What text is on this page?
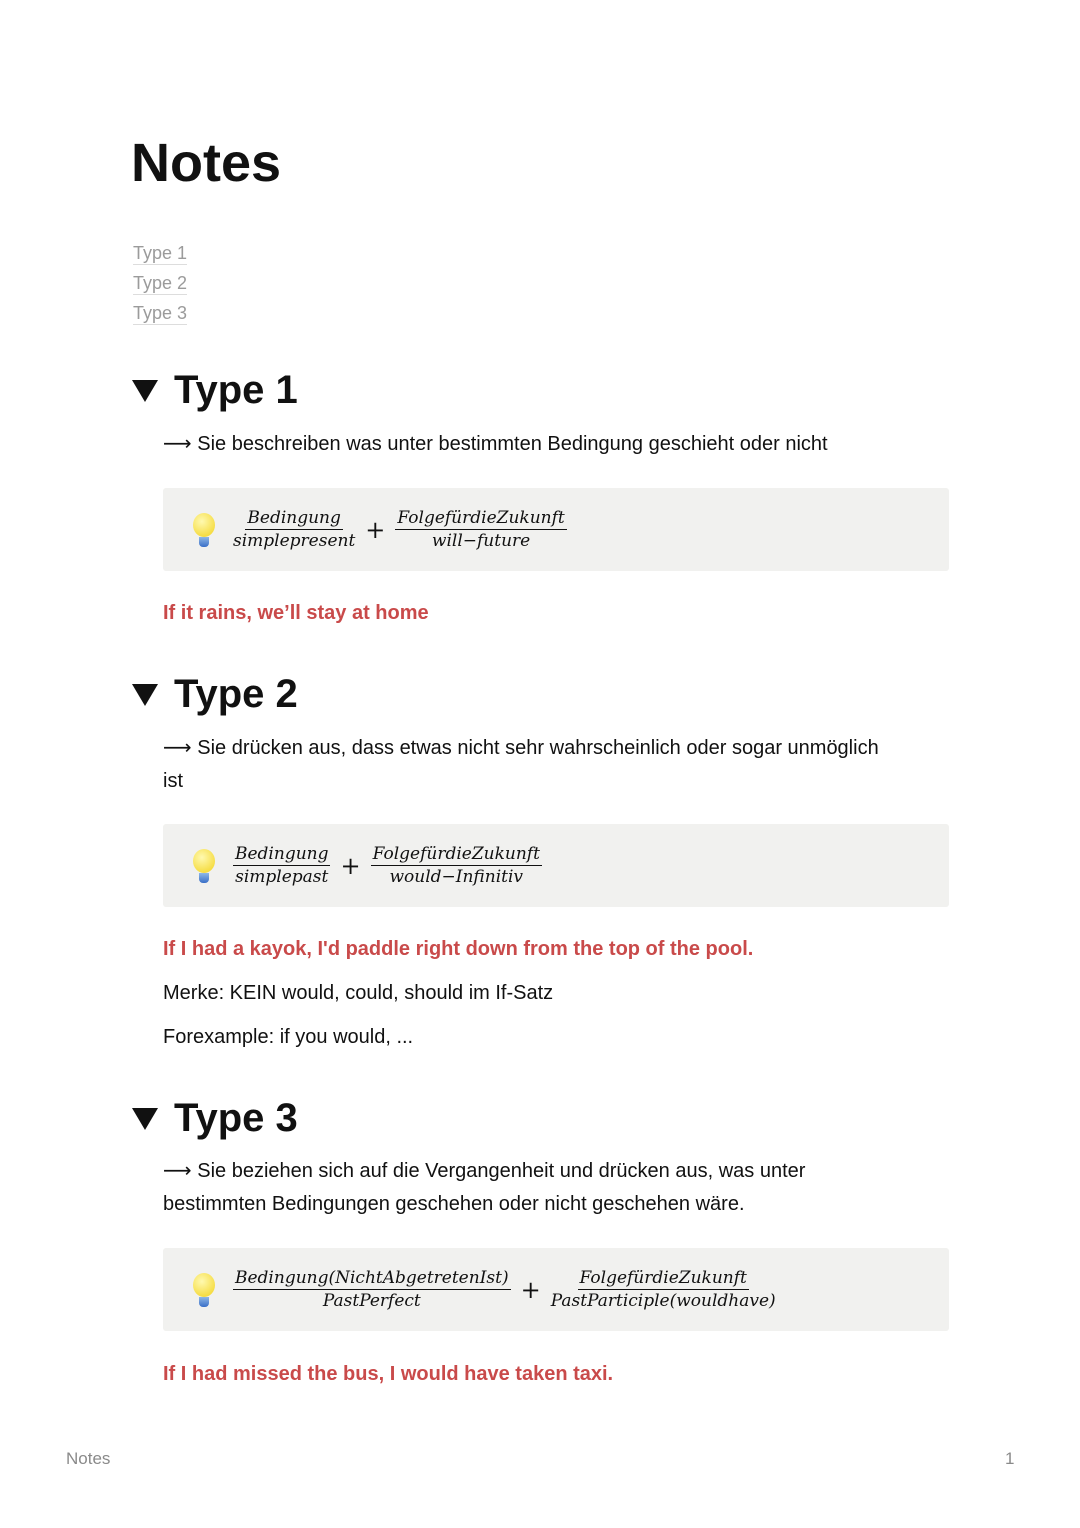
Notes
Type 1
Type 2
Type 3
Type 1
⟶ Sie beschreiben was unter bestimmten Bedingung geschieht oder nicht
$\frac{\text{Bedingung}}{\text{simplepresent}} + \frac{\text{FolgefürdieZukunft}}{\text{will−future}}$
If it rains, we’ll stay at home
Type 2
⟶ Sie drücken aus, dass etwas nicht sehr wahrscheinlich oder sogar unmöglich ist
$\frac{\text{Bedingung}}{\text{simplepast}} + \frac{\text{FolgefürdieZukunft}}{\text{would−Infinitiv}}$
If I had a kayok, I'd paddle right down from the top of the pool.
Merke: KEIN would, could, should im If-Satz
Forexample: if you would, ...
Type 3
⟶ Sie beziehen sich auf die Vergangenheit und drücken aus, was unter bestimmten Bedingungen geschehen oder nicht geschehen wäre.
$\frac{\text{Bedingung(NichtAbgetretenIst)}}{\text{PastPerfect}} + \frac{\text{FolgefürdieZukunft}}{\text{PastParticiple(wouldhave)}}$
If I had missed the bus, I would have taken taxi.
Notes	1
